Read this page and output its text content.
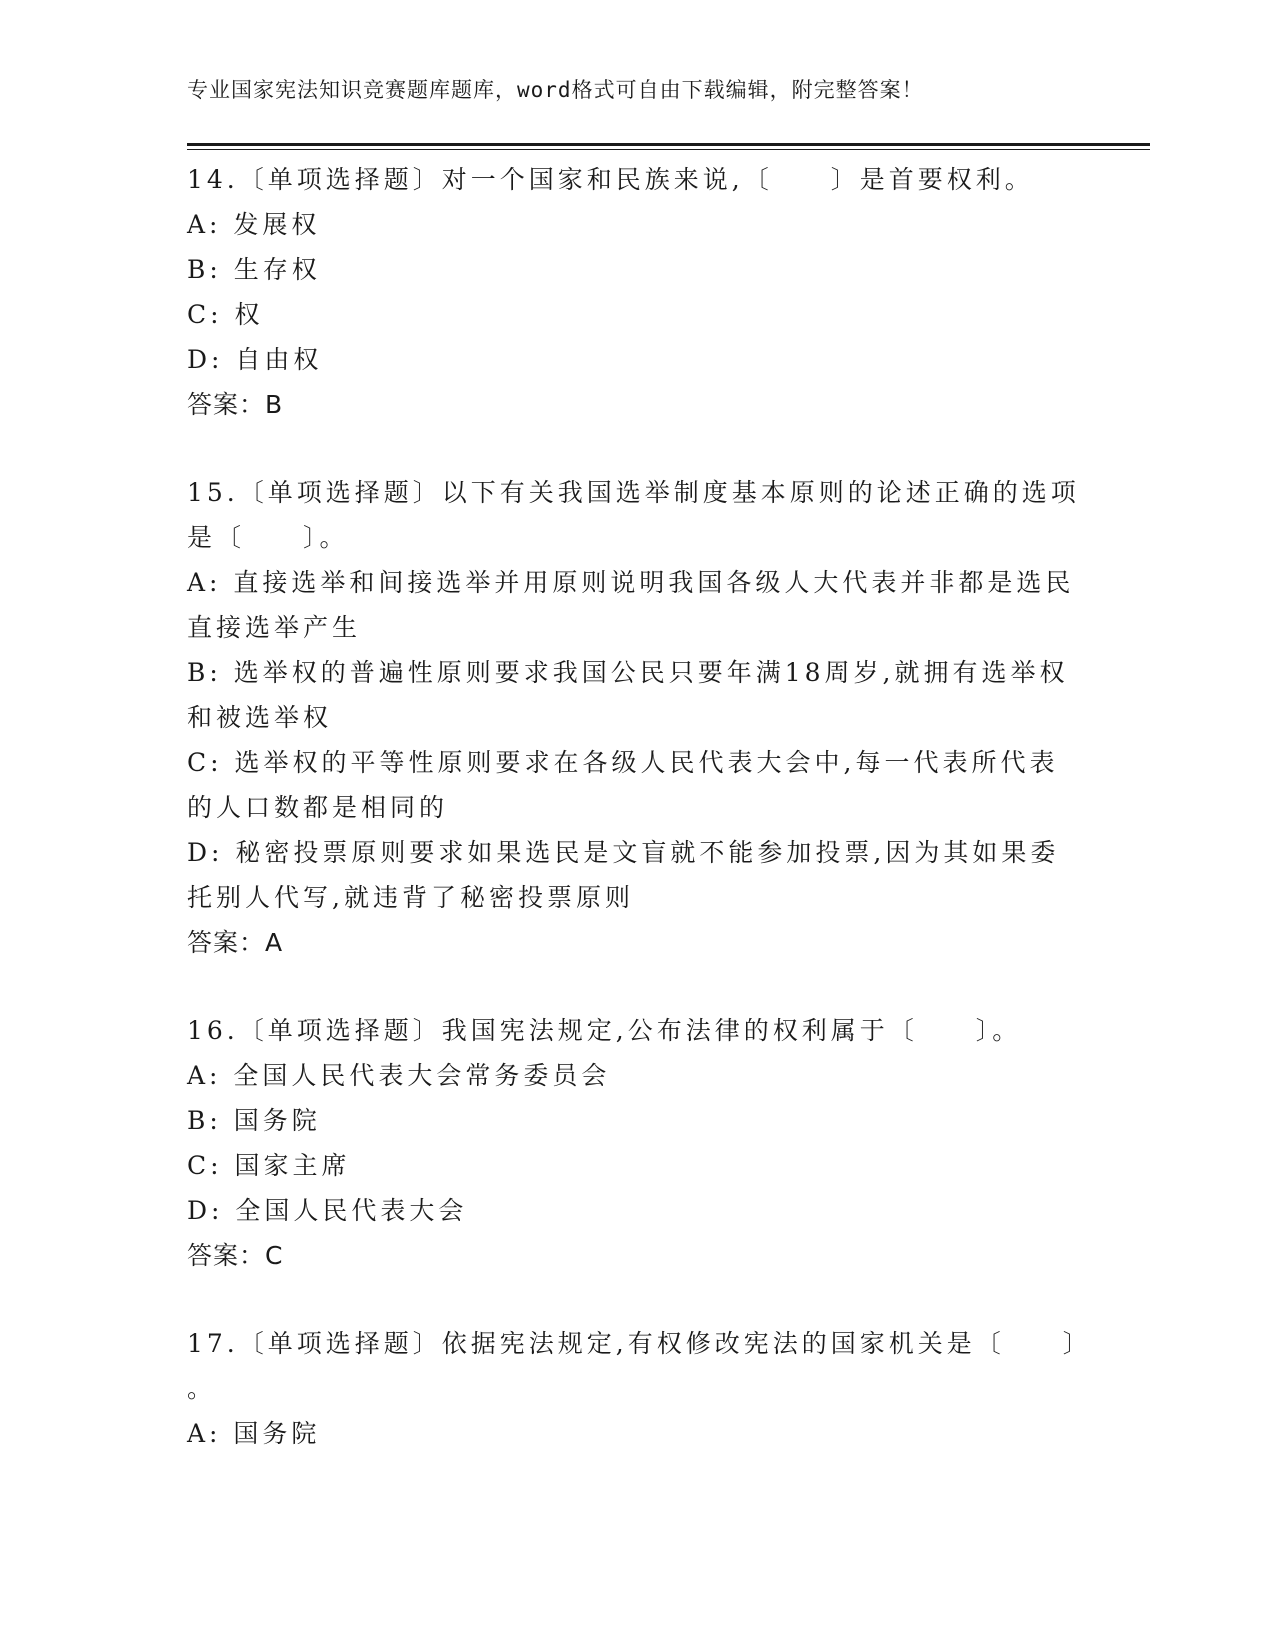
专业国家宪法知识竞赛题库题库，word格式可自由下载编辑，附完整答案！
14.〔单项选择题〕对一个国家和民族来说,〔　　〕是首要权利。
A: 发展权
B: 生存权
C: 权
D: 自由权
答案：B
15.〔单项选择题〕以下有关我国选举制度基本原则的论述正确的选项
是〔　　〕。
A: 直接选举和间接选举并用原则说明我国各级人大代表并非都是选民
直接选举产生
B: 选举权的普遍性原则要求我国公民只要年满18周岁,就拥有选举权
和被选举权
C: 选举权的平等性原则要求在各级人民代表大会中,每一代表所代表
的人口数都是相同的
D: 秘密投票原则要求如果选民是文盲就不能参加投票,因为其如果委
托别人代写,就违背了秘密投票原则
答案：A
16.〔单项选择题〕我国宪法规定,公布法律的权利属于〔　　〕。
A: 全国人民代表大会常务委员会
B: 国务院
C: 国家主席
D: 全国人民代表大会
答案：C
17.〔单项选择题〕依据宪法规定,有权修改宪法的国家机关是〔　　〕
。
A: 国务院
